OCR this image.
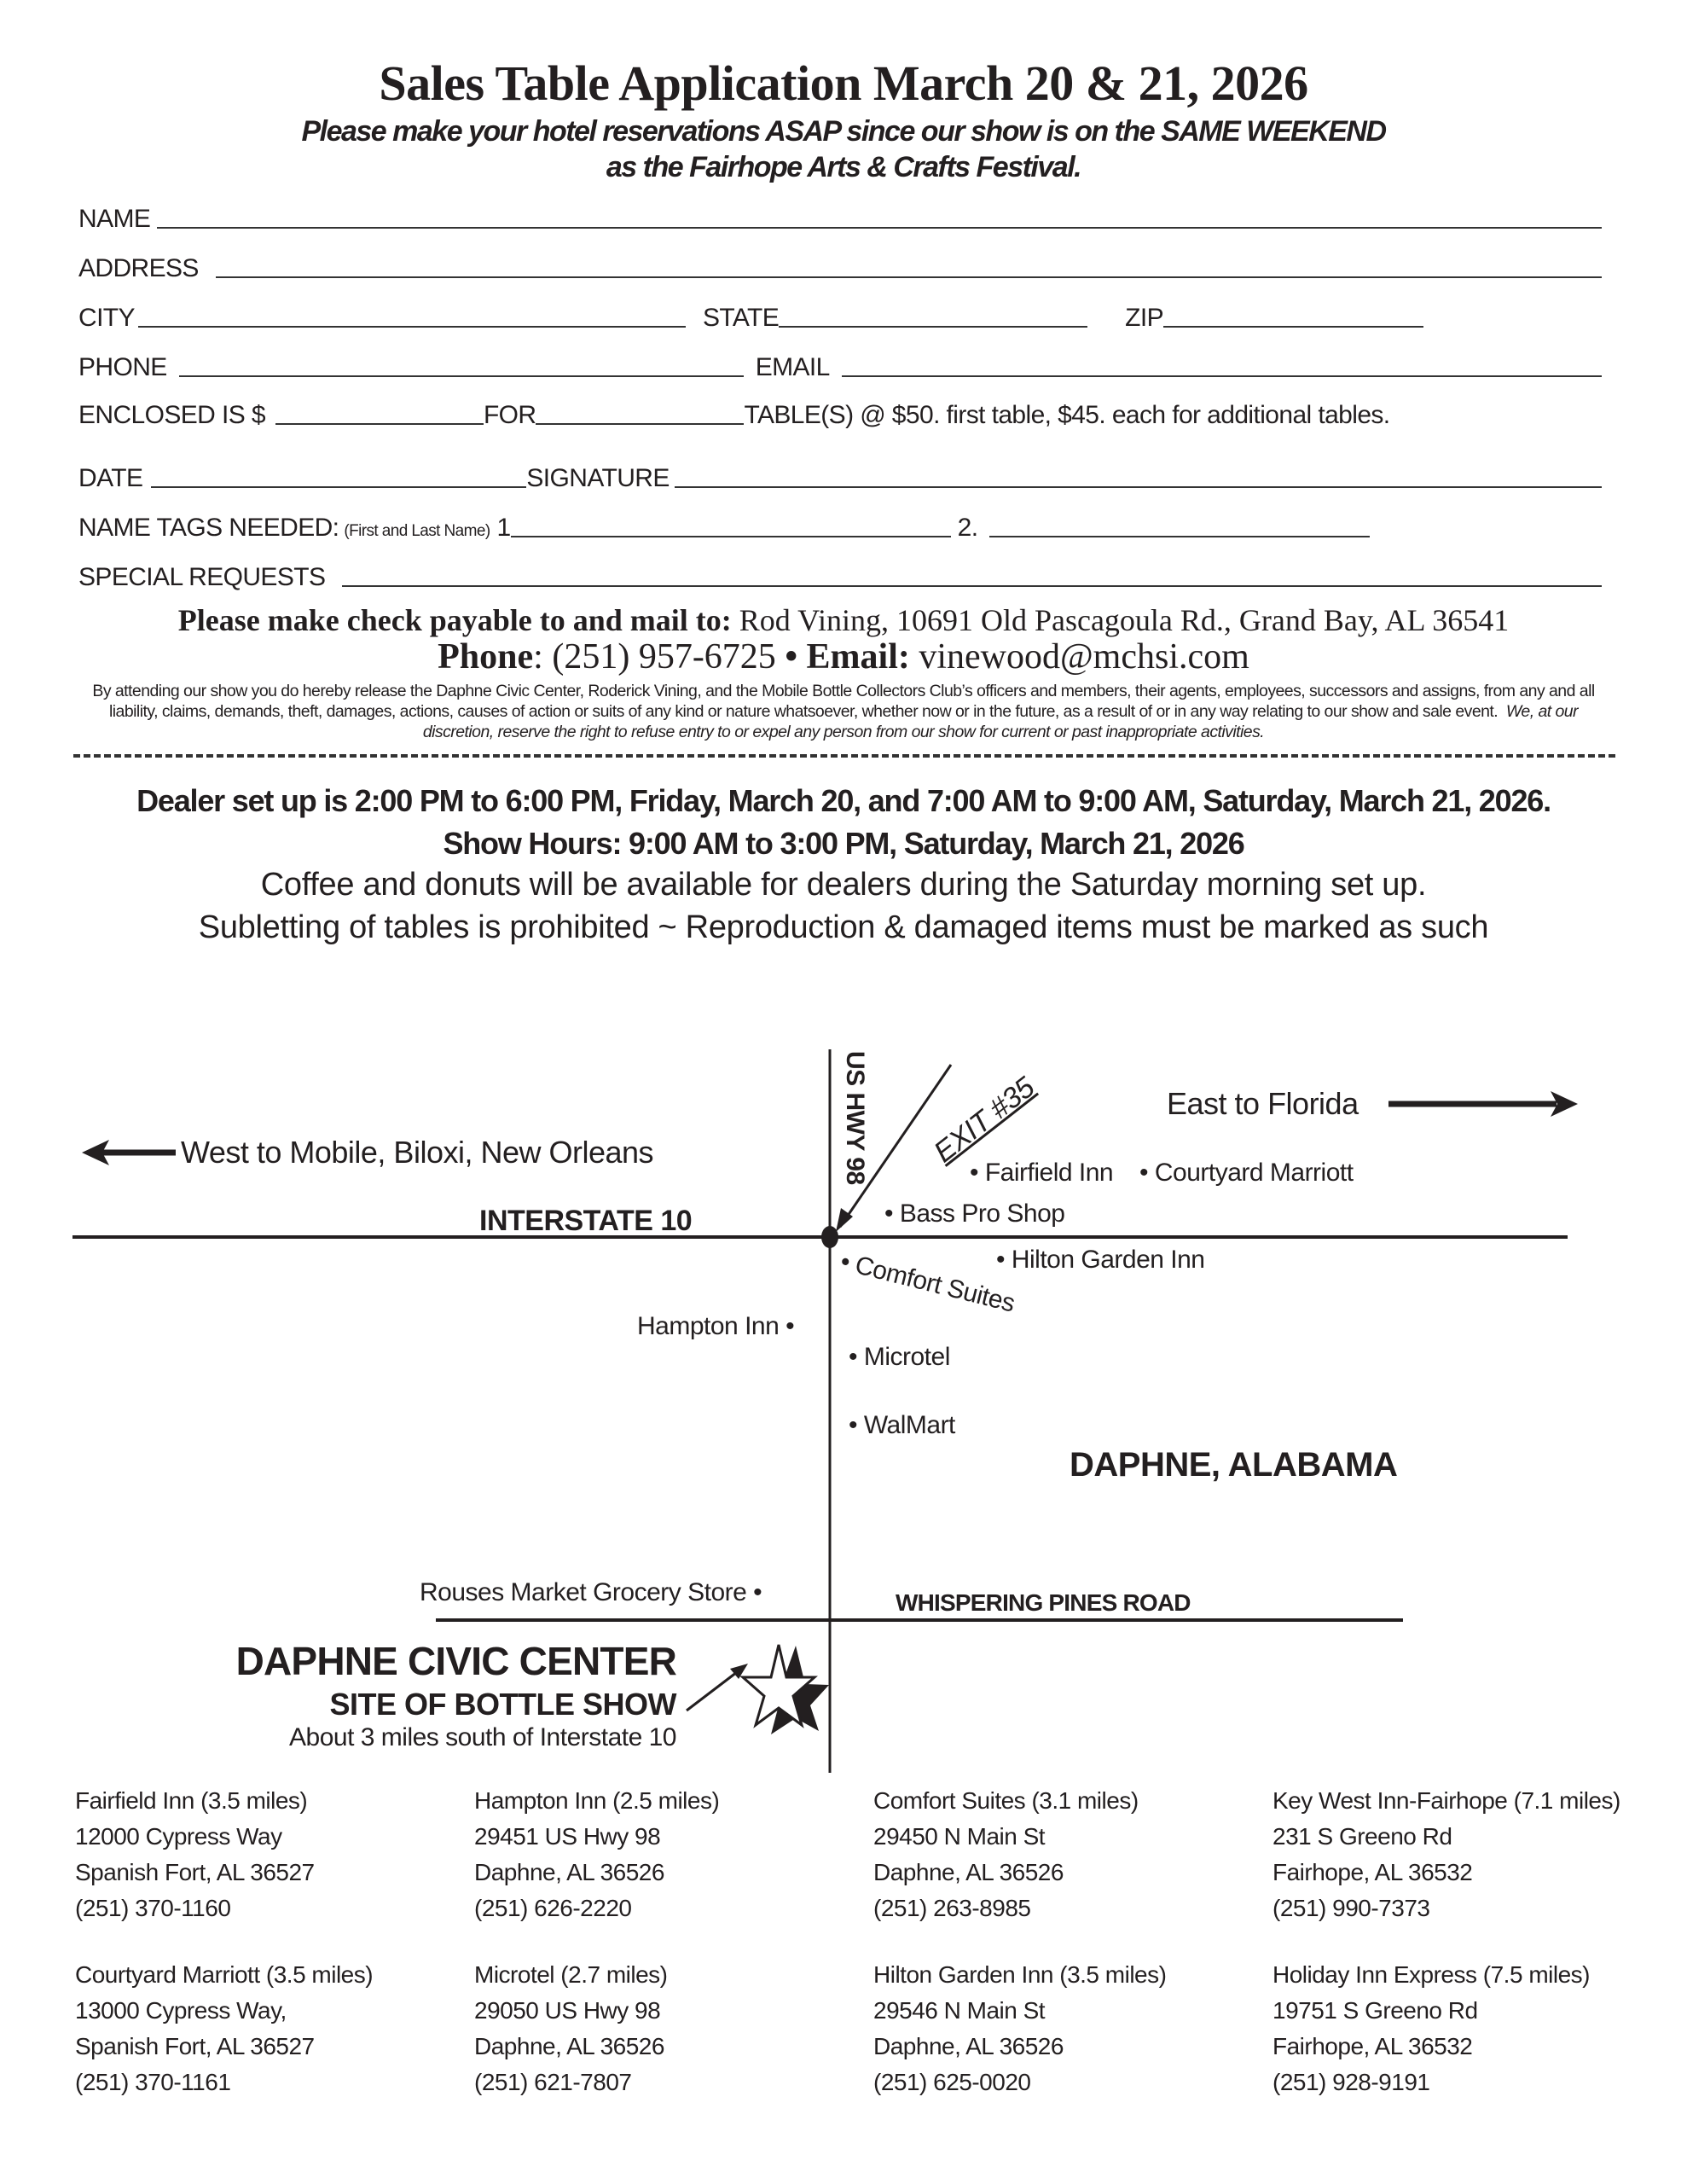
Sales Table Application March 20 & 21, 2026
Please make your hotel reservations ASAP since our show is on the SAME WEEKEND
as the Fairhope Arts & Crafts Festival.
NAME
ADDRESS
CITY	STATE	ZIP
PHONE	EMAIL
ENCLOSED IS $	FOR	TABLE(S) @ $50. first table, $45. each for additional tables.
DATE	SIGNATURE
NAME TAGS NEEDED: (First and Last Name) 1	2.
SPECIAL REQUESTS
Please make check payable to and mail to: Rod Vining, 10691 Old Pascagoula Rd., Grand Bay, AL 36541
Phone: (251) 957-6725 • Email: vinewood@mchsi.com
By attending our show you do hereby release the Daphne Civic Center, Roderick Vining, and the Mobile Bottle Collectors Club’s officers and members, their agents, employees, successors and assigns, from any and all liability, claims, demands, theft, damages, actions, causes of action or suits of any kind or nature whatsoever, whether now or in the future, as a result of or in any way relating to our show and sale event. We, at our discretion, reserve the right to refuse entry to or expel any person from our show for current or past inappropriate activities.
Dealer set up is 2:00 PM to 6:00 PM, Friday, March 20, and 7:00 AM to 9:00 AM, Saturday, March 21, 2026.
Show Hours: 9:00 AM to 3:00 PM, Saturday, March 21, 2026
Coffee and donuts will be available for dealers during the Saturday morning set up.
Subletting of tables is prohibited ~ Reproduction & damaged items must be marked as such
West to Mobile, Biloxi, New Orleans
East to Florida
INTERSTATE 10
US HWY 98 EXIT #35
• Fairfield Inn • Courtyard Marriott
• Bass Pro Shop
• Hilton Garden Inn
• Comfort Suites
Hampton Inn •
• Microtel
• WalMart
DAPHNE, ALABAMA
Rouses Market Grocery Store •	WHISPERING PINES ROAD
DAPHNE CIVIC CENTER
SITE OF BOTTLE SHOW
About 3 miles south of Interstate 10
Fairfield Inn (3.5 miles)
12000 Cypress Way
Spanish Fort, AL 36527
(251) 370-1160
Hampton Inn (2.5 miles)
29451 US Hwy 98
Daphne, AL 36526
(251) 626-2220
Comfort Suites (3.1 miles)
29450 N Main St
Daphne, AL 36526
(251) 263-8985
Key West Inn-Fairhope (7.1 miles)
231 S Greeno Rd
Fairhope, AL 36532
(251) 990-7373
Courtyard Marriott (3.5 miles)
13000 Cypress Way,
Spanish Fort, AL 36527
(251) 370-1161
Microtel (2.7 miles)
29050 US Hwy 98
Daphne, AL 36526
(251) 621-7807
Hilton Garden Inn (3.5 miles)
29546 N Main St
Daphne, AL 36526
(251) 625-0020
Holiday Inn Express (7.5 miles)
19751 S Greeno Rd
Fairhope, AL 36532
(251) 928-9191
